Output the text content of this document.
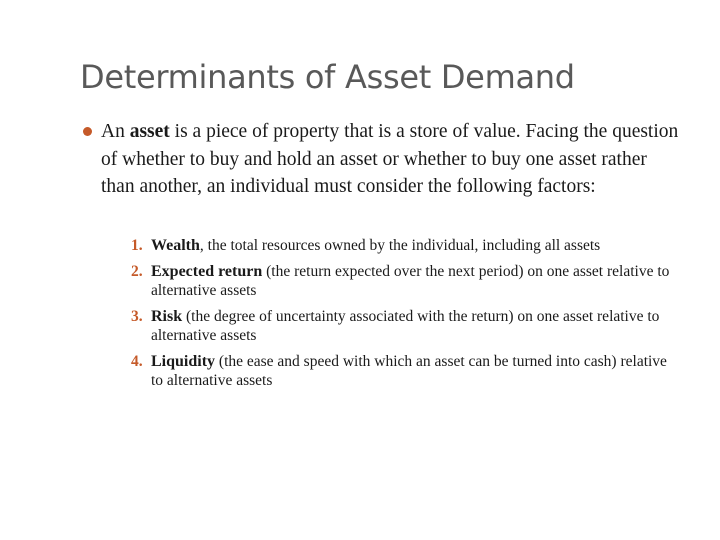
Determinants of Asset Demand

An asset is a piece of property that is a store of value. Facing the question of whether to buy and hold an asset or whether to buy one asset rather than another, an individual must consider the following factors:

1. Wealth, the total resources owned by the individual, including all assets
2. Expected return (the return expected over the next period) on one asset relative to alternative assets
3. Risk (the degree of uncertainty associated with the return) on one asset relative to alternative assets
4. Liquidity (the ease and speed with which an asset can be turned into cash) relative to alternative assets
